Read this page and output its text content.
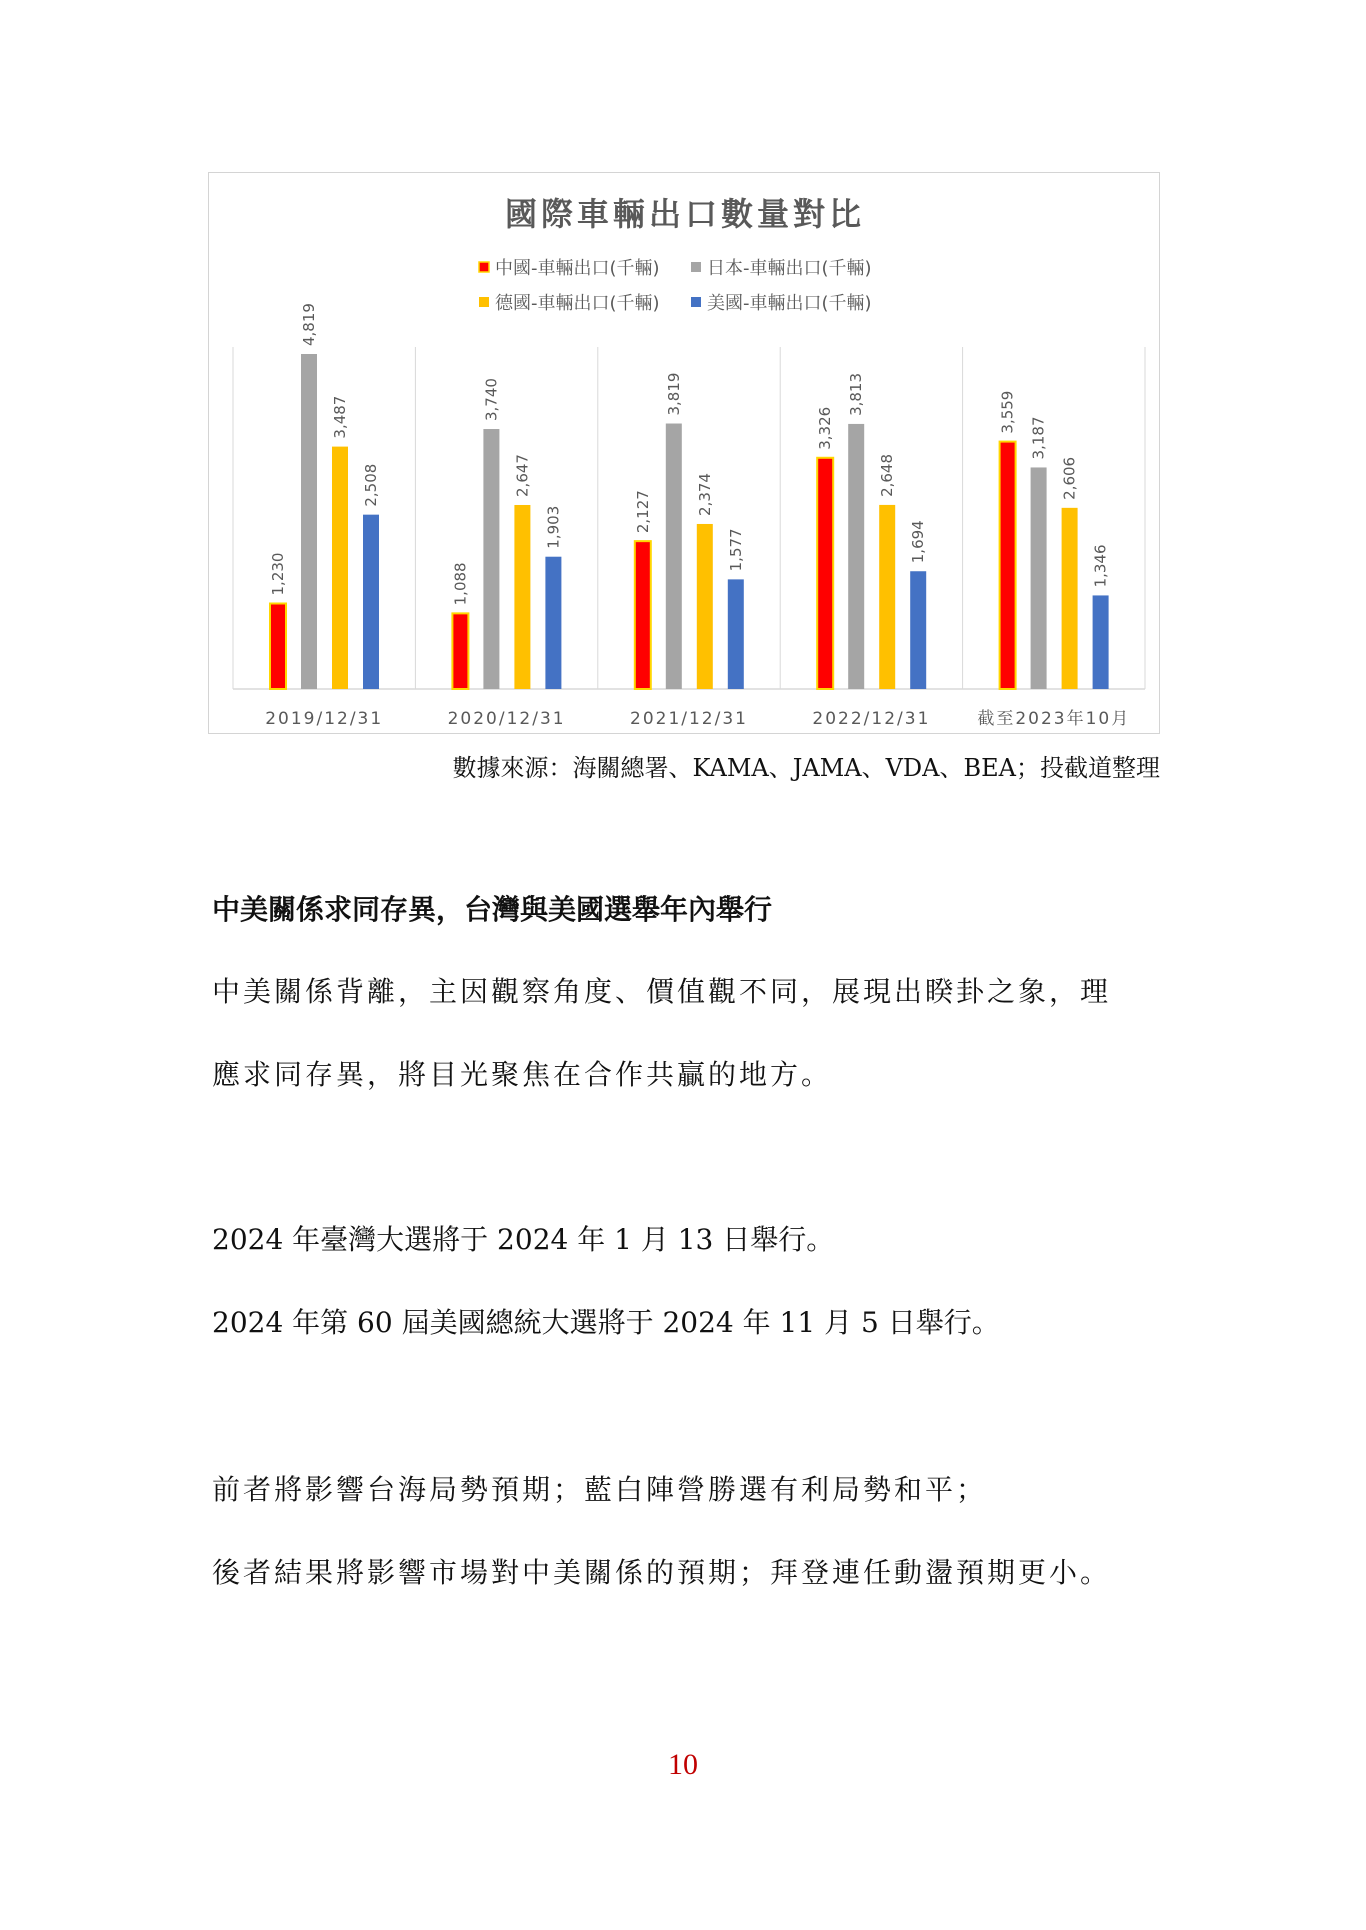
國際車輛出口數量對比
中國-車輛出口(千輛)	日本-車輛出口(千輛)
德國-車輛出口(千輛)	美國-車輛出口(千輛)
1,230
4,819
3,487
2,508
2019/12/31
1,088
3,740
2,647
1,903
2020/12/31
2,127
3,819
2,374
1,577
2021/12/31
3,326
3,813
2,648
1,694
2022/12/31
3,559
3,187
2,606
1,346
截至2023年10月
數據來源：海關總署、KAMA、JAMA、VDA、BEA；投截道整理
中美關係求同存異，台灣與美國選舉年內舉行
中美關係背離，主因觀察角度、價值觀不同，展現出睽卦之象，理
應求同存異，將目光聚焦在合作共贏的地方。
2024 年臺灣大選將于 2024 年 1 月 13 日舉行。
2024 年第 60 屆美國總統大選將于 2024 年 11 月 5 日舉行。
前者將影響台海局勢預期；藍白陣營勝選有利局勢和平；
後者結果將影響市場對中美關係的預期；拜登連任動盪預期更小。
10
